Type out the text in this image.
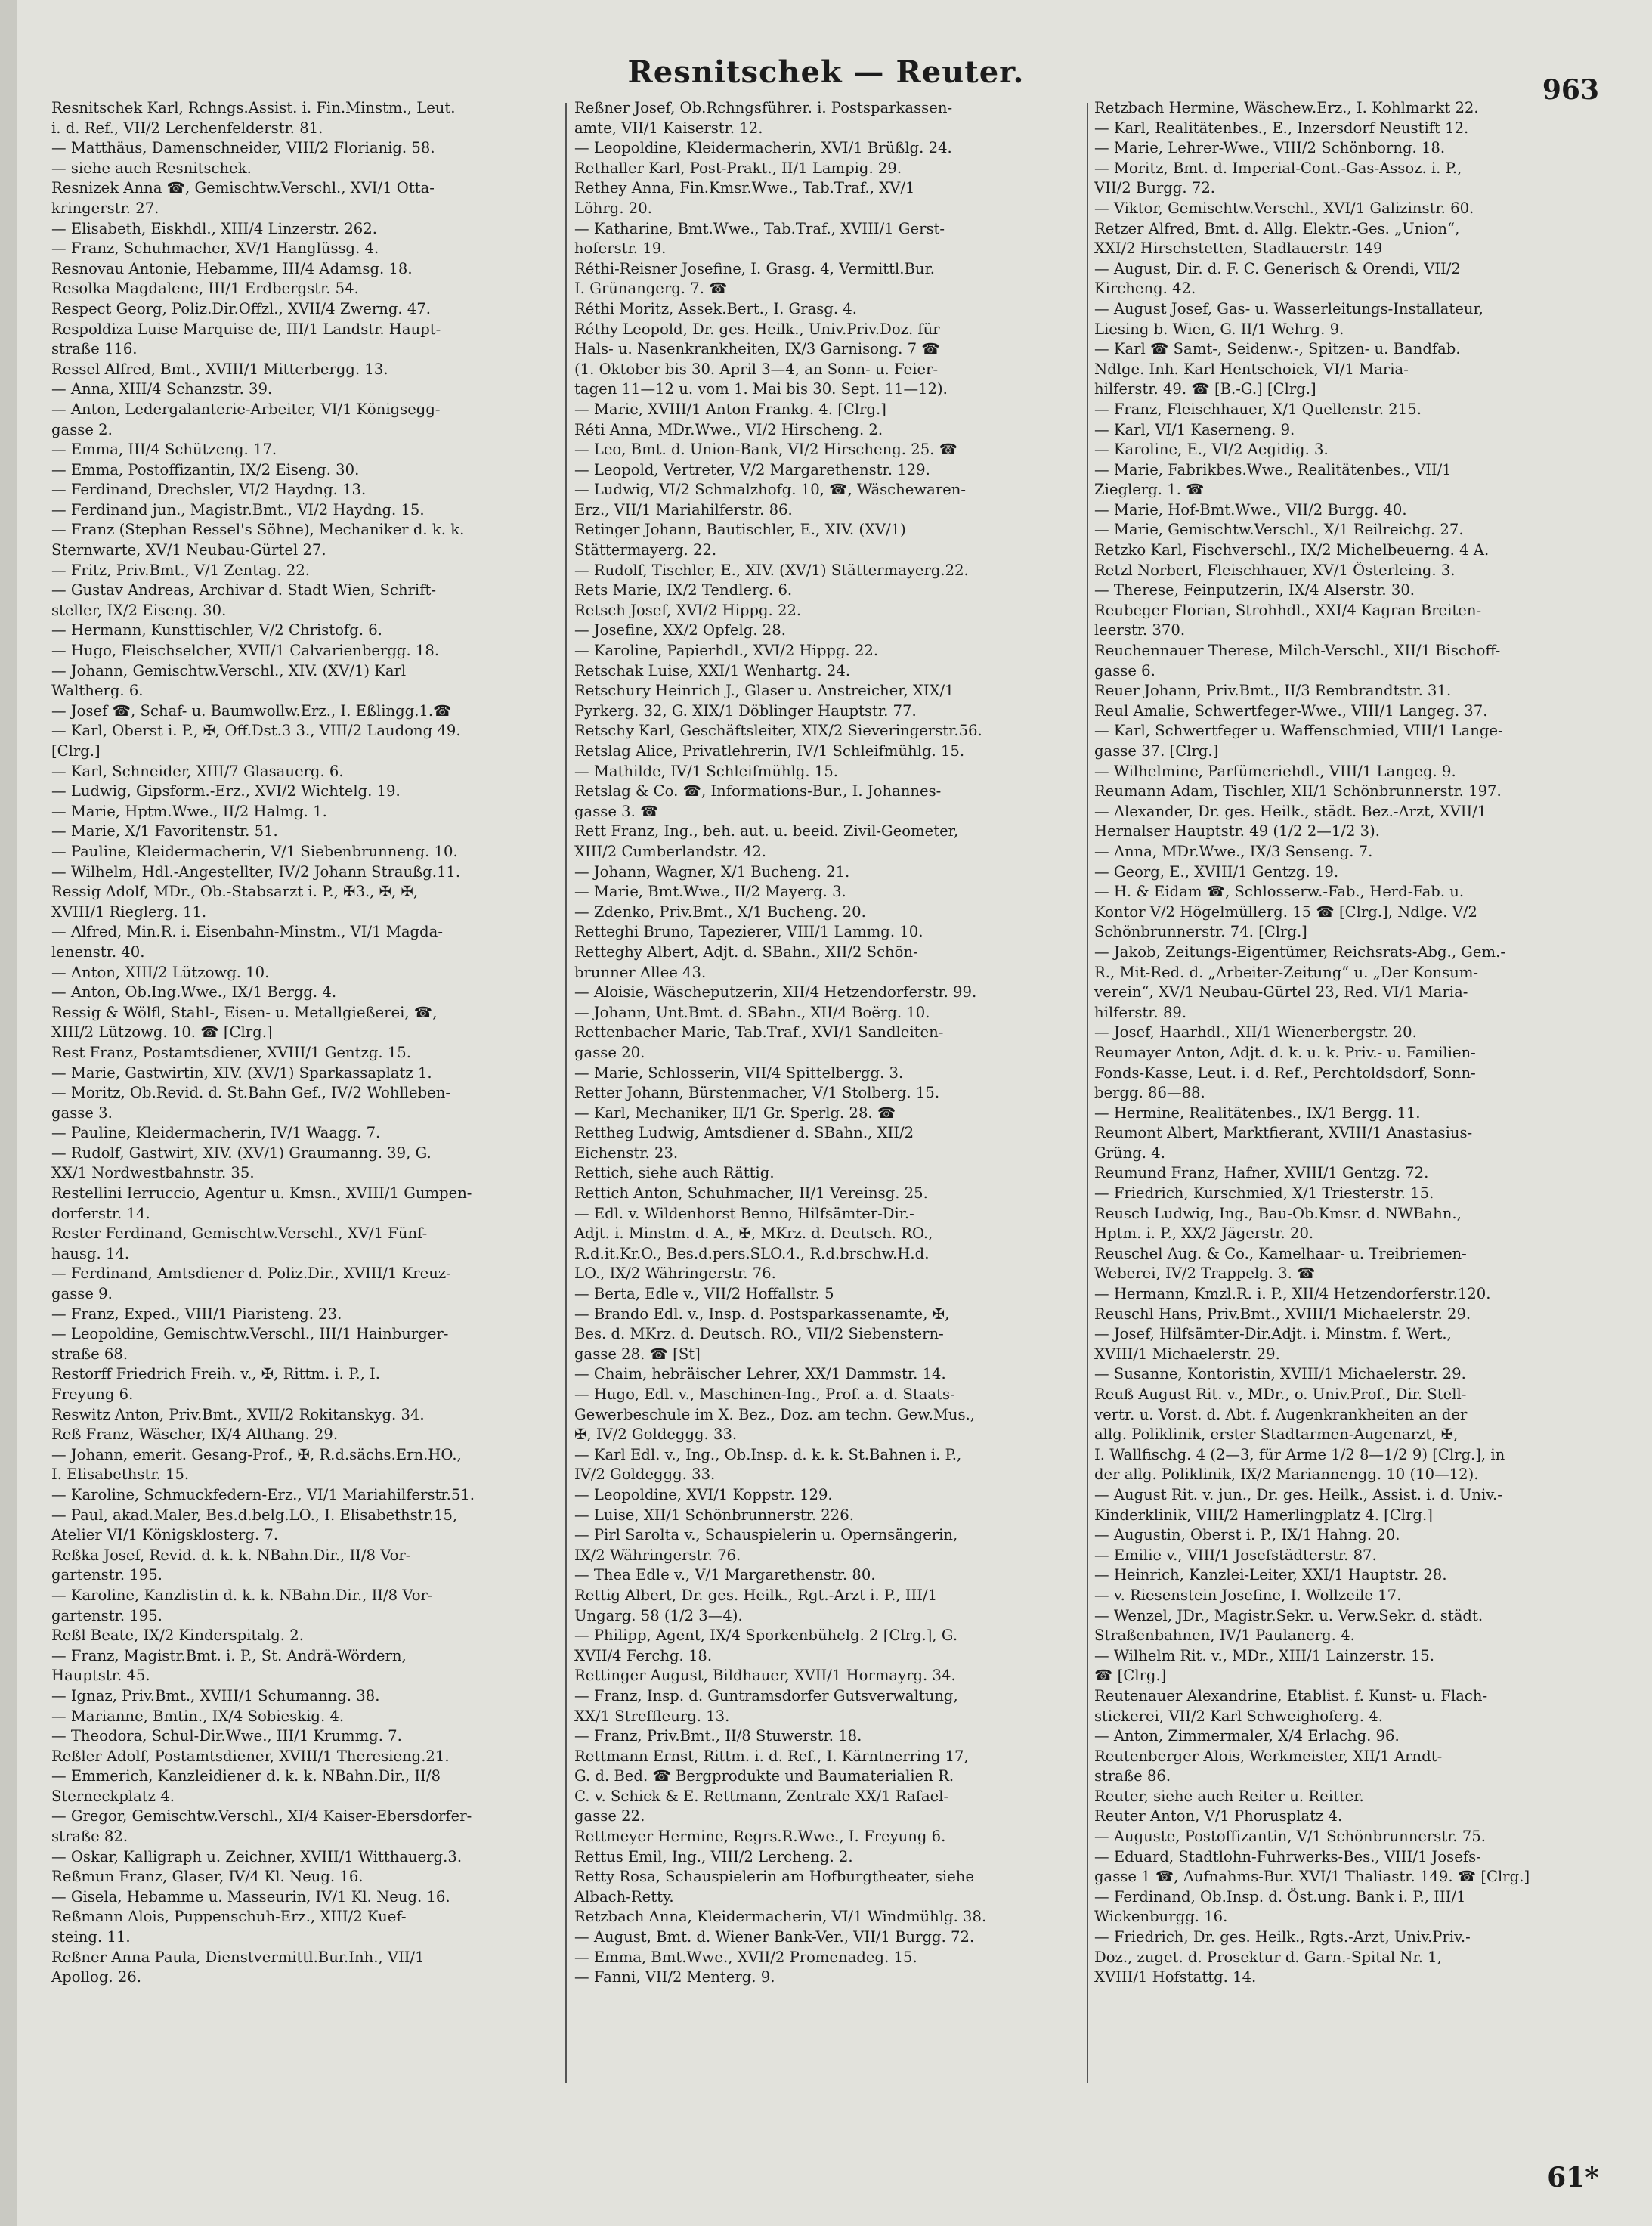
Resnitschek — Reuter.	963
Resnitschek Karl, Rchngs.Assist. i. Fin.Minstm., Leut.
i. d. Ref., VII/2 Lerchenfelderstr. 81.
— Matthäus, Damenschneider, VIII/2 Florianig. 58.
— siehe auch Resnitschek.
Resnizek Anna ☎, Gemischtw.Verschl., XVI/1 Otta-
kringerstr. 27.
— Elisabeth, Eiskhdl., XIII/4 Linzerstr. 262.
— Franz, Schuhmacher, XV/1 Hanglüssg. 4.
Resnovau Antonie, Hebamme, III/4 Adamsg. 18.
Resolka Magdalene, III/1 Erdbergstr. 54.
Respect Georg, Poliz.Dir.Offzl., XVII/4 Zwerng. 47.
Respoldiza Luise Marquise de, III/1 Landstr. Haupt-
straße 116.
Ressel Alfred, Bmt., XVIII/1 Mitterbergg. 13.
— Anna, XIII/4 Schanzstr. 39.
— Anton, Ledergalanterie-Arbeiter, VI/1 Königsegg-
gasse 2.
— Emma, III/4 Schützeng. 17.
— Emma, Postoffizantin, IX/2 Eiseng. 30.
— Ferdinand, Drechsler, VI/2 Haydng. 13.
— Ferdinand jun., Magistr.Bmt., VI/2 Haydng. 15.
— Franz (Stephan Ressel's Söhne), Mechaniker d. k. k.
Sternwarte, XV/1 Neubau-Gürtel 27.
— Fritz, Priv.Bmt., V/1 Zentag. 22.
— Gustav Andreas, Archivar d. Stadt Wien, Schrift-
steller, IX/2 Eiseng. 30.
— Hermann, Kunsttischler, V/2 Christofg. 6.
— Hugo, Fleischselcher, XVII/1 Calvarienbergg. 18.
— Johann, Gemischtw.Verschl., XIV. (XV/1) Karl
Waltherg. 6.
— Josef ☎, Schaf- u. Baumwollw.Erz., I. Eßlingg.1.☎
— Karl, Oberst i. P., ✠, Off.Dst.3 3., VIII/2 Laudong 49.
[Clrg.]
— Karl, Schneider, XIII/7 Glasauerg. 6.
— Ludwig, Gipsform.-Erz., XVI/2 Wichtelg. 19.
— Marie, Hptm.Wwe., II/2 Halmg. 1.
— Marie, X/1 Favoritenstr. 51.
— Pauline, Kleidermacherin, V/1 Siebenbrunneng. 10.
— Wilhelm, Hdl.-Angestellter, IV/2 Johann Straußg.11.
Ressig Adolf, MDr., Ob.-Stabsarzt i. P., ✠3., ✠, ✠,
XVIII/1 Rieglerg. 11.
— Alfred, Min.R. i. Eisenbahn-Minstm., VI/1 Magda-
lenenstr. 40.
— Anton, XIII/2 Lützowg. 10.
— Anton, Ob.Ing.Wwe., IX/1 Bergg. 4.
Ressig & Wölfl, Stahl-, Eisen- u. Metallgießerei, ☎,
XIII/2 Lützowg. 10. ☎ [Clrg.]
Rest Franz, Postamtsdiener, XVIII/1 Gentzg. 15.
— Marie, Gastwirtin, XIV. (XV/1) Sparkassaplatz 1.
— Moritz, Ob.Revid. d. St.Bahn Gef., IV/2 Wohlleben-
gasse 3.
— Pauline, Kleidermacherin, IV/1 Waagg. 7.
— Rudolf, Gastwirt, XIV. (XV/1) Graumanng. 39, G.
XX/1 Nordwestbahnstr. 35.
Restellini Ierruccio, Agentur u. Kmsn., XVIII/1 Gumpen-
dorferstr. 14.
Rester Ferdinand, Gemischtw.Verschl., XV/1 Fünf-
hausg. 14.
— Ferdinand, Amtsdiener d. Poliz.Dir., XVIII/1 Kreuz-
gasse 9.
— Franz, Exped., VIII/1 Piaristeng. 23.
— Leopoldine, Gemischtw.Verschl., III/1 Hainburger-
straße 68.
Restorff Friedrich Freih. v., ✠, Rittm. i. P., I.
Freyung 6.
Reswitz Anton, Priv.Bmt., XVII/2 Rokitanskyg. 34.
Reß Franz, Wäscher, IX/4 Althang. 29.
— Johann, emerit. Gesang-Prof., ✠, R.d.sächs.Ern.HO.,
I. Elisabethstr. 15.
— Karoline, Schmuckfedern-Erz., VI/1 Mariahilferstr.51.
— Paul, akad.Maler, Bes.d.belg.LO., I. Elisabethstr.15,
Atelier VI/1 Königsklosterg. 7.
Reßka Josef, Revid. d. k. k. NBahn.Dir., II/8 Vor-
gartenstr. 195.
— Karoline, Kanzlistin d. k. k. NBahn.Dir., II/8 Vor-
gartenstr. 195.
Reßl Beate, IX/2 Kinderspitalg. 2.
— Franz, Magistr.Bmt. i. P., St. Andrä-Wördern,
Hauptstr. 45.
— Ignaz, Priv.Bmt., XVIII/1 Schumanng. 38.
— Marianne, Bmtin., IX/4 Sobieskig. 4.
— Theodora, Schul-Dir.Wwe., III/1 Krummg. 7.
Reßler Adolf, Postamtsdiener, XVIII/1 Theresieng.21.
— Emmerich, Kanzleidiener d. k. k. NBahn.Dir., II/8
Sterneckplatz 4.
— Gregor, Gemischtw.Verschl., XI/4 Kaiser-Ebersdorfer-
straße 82.
— Oskar, Kalligraph u. Zeichner, XVIII/1 Witthauerg.3.
Reßmun Franz, Glaser, IV/4 Kl. Neug. 16.
— Gisela, Hebamme u. Masseurin, IV/1 Kl. Neug. 16.
Reßmann Alois, Puppenschuh-Erz., XIII/2 Kuef-
steing. 11.
Reßner Anna Paula, Dienstvermittl.Bur.Inh., VII/1
Apollog. 26.
Reßner Josef, Ob.Rchngsführer. i. Postsparkassen-
amte, VII/1 Kaiserstr. 12.
— Leopoldine, Kleidermacherin, XVI/1 Brüßlg. 24.
Rethaller Karl, Post-Prakt., II/1 Lampig. 29.
Rethey Anna, Fin.Kmsr.Wwe., Tab.Traf., XV/1
Löhrg. 20.
— Katharine, Bmt.Wwe., Tab.Traf., XVIII/1 Gerst-
hoferstr. 19.
Réthi-Reisner Josefine, I. Grasg. 4, Vermittl.Bur.
I. Grünangerg. 7. ☎
Réthi Moritz, Assek.Bert., I. Grasg. 4.
Réthy Leopold, Dr. ges. Heilk., Univ.Priv.Doz. für
Hals- u. Nasenkrankheiten, IX/3 Garnisong. 7 ☎
(1. Oktober bis 30. April 3—4, an Sonn- u. Feier-
tagen 11—12 u. vom 1. Mai bis 30. Sept. 11—12).
— Marie, XVIII/1 Anton Frankg. 4. [Clrg.]
Réti Anna, MDr.Wwe., VI/2 Hirscheng. 2.
— Leo, Bmt. d. Union-Bank, VI/2 Hirscheng. 25. ☎
— Leopold, Vertreter, V/2 Margarethenstr. 129.
— Ludwig, VI/2 Schmalzhofg. 10, ☎, Wäschewaren-
Erz., VII/1 Mariahilferstr. 86.
Retinger Johann, Bautischler, E., XIV. (XV/1)
Stättermayerg. 22.
— Rudolf, Tischler, E., XIV. (XV/1) Stättermayerg.22.
Rets Marie, IX/2 Tendlerg. 6.
Retsch Josef, XVI/2 Hippg. 22.
— Josefine, XX/2 Opfelg. 28.
— Karoline, Papierhdl., XVI/2 Hippg. 22.
Retschak Luise, XXI/1 Wenhartg. 24.
Retschury Heinrich J., Glaser u. Anstreicher, XIX/1
Pyrkerg. 32, G. XIX/1 Döblinger Hauptstr. 77.
Retschy Karl, Geschäftsleiter, XIX/2 Sieveringerstr.56.
Retslag Alice, Privatlehrerin, IV/1 Schleifmühlg. 15.
— Mathilde, IV/1 Schleifmühlg. 15.
Retslag & Co. ☎, Informations-Bur., I. Johannes-
gasse 3. ☎
Rett Franz, Ing., beh. aut. u. beeid. Zivil-Geometer,
XIII/2 Cumberlandstr. 42.
— Johann, Wagner, X/1 Bucheng. 21.
— Marie, Bmt.Wwe., II/2 Mayerg. 3.
— Zdenko, Priv.Bmt., X/1 Bucheng. 20.
Retteghi Bruno, Tapezierer, VIII/1 Lammg. 10.
Retteghy Albert, Adjt. d. SBahn., XII/2 Schön-
brunner Allee 43.
— Aloisie, Wäscheputzerin, XII/4 Hetzendorferstr. 99.
— Johann, Unt.Bmt. d. SBahn., XII/4 Boërg. 10.
Rettenbacher Marie, Tab.Traf., XVI/1 Sandleiten-
gasse 20.
— Marie, Schlosserin, VII/4 Spittelbergg. 3.
Retter Johann, Bürstenmacher, V/1 Stolberg. 15.
— Karl, Mechaniker, II/1 Gr. Sperlg. 28. ☎
Rettheg Ludwig, Amtsdiener d. SBahn., XII/2
Eichenstr. 23.
Rettich, siehe auch Rättig.
Rettich Anton, Schuhmacher, II/1 Vereinsg. 25.
— Edl. v. Wildenhorst Benno, Hilfsämter-Dir.-
Adjt. i. Minstm. d. A., ✠, MKrz. d. Deutsch. RO.,
R.d.it.Kr.O., Bes.d.pers.SLO.4., R.d.brschw.H.d.
LO., IX/2 Währingerstr. 76.
— Berta, Edle v., VII/2 Hoffallstr. 5
— Brando Edl. v., Insp. d. Postsparkassenamte, ✠,
Bes. d. MKrz. d. Deutsch. RO., VII/2 Siebenstern-
gasse 28. ☎ [St]
— Chaim, hebräischer Lehrer, XX/1 Dammstr. 14.
— Hugo, Edl. v., Maschinen-Ing., Prof. a. d. Staats-
Gewerbeschule im X. Bez., Doz. am techn. Gew.Mus.,
✠, IV/2 Goldeggg. 33.
— Karl Edl. v., Ing., Ob.Insp. d. k. k. St.Bahnen i. P.,
IV/2 Goldeggg. 33.
— Leopoldine, XVI/1 Koppstr. 129.
— Luise, XII/1 Schönbrunnerstr. 226.
— Pirl Sarolta v., Schauspielerin u. Opernsängerin,
IX/2 Währingerstr. 76.
— Thea Edle v., V/1 Margarethenstr. 80.
Rettig Albert, Dr. ges. Heilk., Rgt.-Arzt i. P., III/1
Ungarg. 58 (1/2 3—4).
— Philipp, Agent, IX/4 Sporkenbühelg. 2 [Clrg.], G.
XVII/4 Ferchg. 18.
Rettinger August, Bildhauer, XVII/1 Hormayrg. 34.
— Franz, Insp. d. Guntramsdorfer Gutsverwaltung,
XX/1 Streffleurg. 13.
— Franz, Priv.Bmt., II/8 Stuwerstr. 18.
Rettmann Ernst, Rittm. i. d. Ref., I. Kärntnerring 17,
G. d. Bed. ☎ Bergprodukte und Baumaterialien R.
C. v. Schick & E. Rettmann, Zentrale XX/1 Rafael-
gasse 22.
Rettmeyer Hermine, Regrs.R.Wwe., I. Freyung 6.
Rettus Emil, Ing., VIII/2 Lercheng. 2.
Retty Rosa, Schauspielerin am Hofburgtheater, siehe
Albach-Retty.
Retzbach Anna, Kleidermacherin, VI/1 Windmühlg. 38.
— August, Bmt. d. Wiener Bank-Ver., VII/1 Burgg. 72.
— Emma, Bmt.Wwe., XVII/2 Promenadeg. 15.
— Fanni, VII/2 Menterg. 9.
Retzbach Hermine, Wäschew.Erz., I. Kohlmarkt 22.
— Karl, Realitätenbes., E., Inzersdorf Neustift 12.
— Marie, Lehrer-Wwe., VIII/2 Schönborng. 18.
— Moritz, Bmt. d. Imperial-Cont.-Gas-Assoz. i. P.,
VII/2 Burgg. 72.
— Viktor, Gemischtw.Verschl., XVI/1 Galizinstr. 60.
Retzer Alfred, Bmt. d. Allg. Elektr.-Ges. „Union“,
XXI/2 Hirschstetten, Stadlauerstr. 149
— August, Dir. d. F. C. Generisch & Orendi, VII/2
Kircheng. 42.
— August Josef, Gas- u. Wasserleitungs-Installateur,
Liesing b. Wien, G. II/1 Wehrg. 9.
— Karl ☎ Samt-, Seidenw.-, Spitzen- u. Bandfab.
Ndlge. Inh. Karl Hentschoiek, VI/1 Maria-
hilferstr. 49. ☎ [B.-G.] [Clrg.]
— Franz, Fleischhauer, X/1 Quellenstr. 215.
— Karl, VI/1 Kaserneng. 9.
— Karoline, E., VI/2 Aegidig. 3.
— Marie, Fabrikbes.Wwe., Realitätenbes., VII/1
Zieglerg. 1. ☎
— Marie, Hof-Bmt.Wwe., VII/2 Burgg. 40.
— Marie, Gemischtw.Verschl., X/1 Reilreichg. 27.
Retzko Karl, Fischverschl., IX/2 Michelbeuerng. 4 A.
Retzl Norbert, Fleischhauer, XV/1 Österleing. 3.
— Therese, Feinputzerin, IX/4 Alserstr. 30.
Reubeger Florian, Strohhdl., XXI/4 Kagran Breiten-
leerstr. 370.
Reuchennauer Therese, Milch-Verschl., XII/1 Bischoff-
gasse 6.
Reuer Johann, Priv.Bmt., II/3 Rembrandtstr. 31.
Reul Amalie, Schwertfeger-Wwe., VIII/1 Langeg. 37.
— Karl, Schwertfeger u. Waffenschmied, VIII/1 Lange-
gasse 37. [Clrg.]
— Wilhelmine, Parfümeriehdl., VIII/1 Langeg. 9.
Reumann Adam, Tischler, XII/1 Schönbrunnerstr. 197.
— Alexander, Dr. ges. Heilk., städt. Bez.-Arzt, XVII/1
Hernalser Hauptstr. 49 (1/2 2—1/2 3).
— Anna, MDr.Wwe., IX/3 Senseng. 7.
— Georg, E., XVIII/1 Gentzg. 19.
— H. & Eidam ☎, Schlosserw.-Fab., Herd-Fab. u.
Kontor V/2 Högelmüllerg. 15 ☎ [Clrg.], Ndlge. V/2
Schönbrunnerstr. 74. [Clrg.]
— Jakob, Zeitungs-Eigentümer, Reichsrats-Abg., Gem.-
R., Mit-Red. d. „Arbeiter-Zeitung“ u. „Der Konsum-
verein“, XV/1 Neubau-Gürtel 23, Red. VI/1 Maria-
hilferstr. 89.
— Josef, Haarhdl., XII/1 Wienerbergstr. 20.
Reumayer Anton, Adjt. d. k. u. k. Priv.- u. Familien-
Fonds-Kasse, Leut. i. d. Ref., Perchtoldsdorf, Sonn-
bergg. 86—88.
— Hermine, Realitätenbes., IX/1 Bergg. 11.
Reumont Albert, Marktfierant, XVIII/1 Anastasius-
Grüng. 4.
Reumund Franz, Hafner, XVIII/1 Gentzg. 72.
— Friedrich, Kurschmied, X/1 Triesterstr. 15.
Reusch Ludwig, Ing., Bau-Ob.Kmsr. d. NWBahn.,
Hptm. i. P., XX/2 Jägerstr. 20.
Reuschel Aug. & Co., Kamelhaar- u. Treibriemen-
Weberei, IV/2 Trappelg. 3. ☎
— Hermann, Kmzl.R. i. P., XII/4 Hetzendorferstr.120.
Reuschl Hans, Priv.Bmt., XVIII/1 Michaelerstr. 29.
— Josef, Hilfsämter-Dir.Adjt. i. Minstm. f. Wert.,
XVIII/1 Michaelerstr. 29.
— Susanne, Kontoristin, XVIII/1 Michaelerstr. 29.
Reuß August Rit. v., MDr., o. Univ.Prof., Dir. Stell-
vertr. u. Vorst. d. Abt. f. Augenkrankheiten an der
allg. Poliklinik, erster Stadtarmen-Augenarzt, ✠,
I. Wallfischg. 4 (2—3, für Arme 1/2 8—1/2 9) [Clrg.], in
der allg. Poliklinik, IX/2 Mariannengg. 10 (10—12).
— August Rit. v. jun., Dr. ges. Heilk., Assist. i. d. Univ.-
Kinderklinik, VIII/2 Hamerlingplatz 4. [Clrg.]
— Augustin, Oberst i. P., IX/1 Hahng. 20.
— Emilie v., VIII/1 Josefstädterstr. 87.
— Heinrich, Kanzlei-Leiter, XXI/1 Hauptstr. 28.
— v. Riesenstein Josefine, I. Wollzeile 17.
— Wenzel, JDr., Magistr.Sekr. u. Verw.Sekr. d. städt.
Straßenbahnen, IV/1 Paulanerg. 4.
— Wilhelm Rit. v., MDr., XIII/1 Lainzerstr. 15.
☎ [Clrg.]
Reutenauer Alexandrine, Etablist. f. Kunst- u. Flach-
stickerei, VII/2 Karl Schweighoferg. 4.
— Anton, Zimmermaler, X/4 Erlachg. 96.
Reutenberger Alois, Werkmeister, XII/1 Arndt-
straße 86.
Reuter, siehe auch Reiter u. Reitter.
Reuter Anton, V/1 Phorusplatz 4.
— Auguste, Postoffizantin, V/1 Schönbrunnerstr. 75.
— Eduard, Stadtlohn-Fuhrwerks-Bes., VIII/1 Josefs-
gasse 1 ☎, Aufnahms-Bur. XVI/1 Thaliastr. 149. ☎ [Clrg.]
— Ferdinand, Ob.Insp. d. Öst.ung. Bank i. P., III/1
Wickenburgg. 16.
— Friedrich, Dr. ges. Heilk., Rgts.-Arzt, Univ.Priv.-
Doz., zuget. d. Prosektur d. Garn.-Spital Nr. 1,
XVIII/1 Hofstattg. 14.
61*
